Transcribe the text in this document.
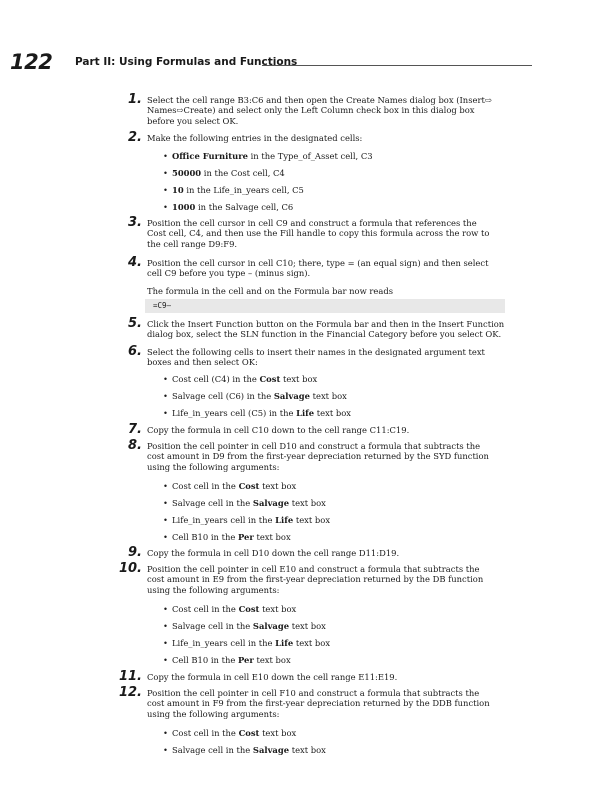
122 Part II: Using Formulas and Functions
1. Select the cell range B3:C6 and then open the Create Names dialog box (Insert⇨
Names⇨Create) and select only the Left Column check box in this dialog box
before you select OK.
2. Make the following entries in the designated cells:
3. Position the cell cursor in cell C9 and construct a formula that references the
Cost cell, C4, and then use the Fill handle to copy this formula across the row to
the cell range D9:F9.
4. Position the cell cursor in cell C10; there, type = (an equal sign) and then select
cell C9 before you type – (minus sign).
5. Click the Insert Function button on the Formula bar and then in the Insert Function
dialog box, select the SLN function in the Financial Category before you select OK.
6. Select the following cells to insert their names in the designated argument text
boxes and then select OK:
7. Copy the formula in cell C10 down to the cell range C11:C19.
8. Position the cell pointer in cell D10 and construct a formula that subtracts the
cost amount in D9 from the first-year depreciation returned by the SYD function
using the following arguments:
9. Copy the formula in cell D10 down the cell range D11:D19.
10. Position the cell pointer in cell E10 and construct a formula that subtracts the
cost amount in E9 from the first-year depreciation returned by the DB function
using the following arguments:
11. Copy the formula in cell E10 down the cell range E11:E19.
12. Position the cell pointer in cell F10 and construct a formula that subtracts the
cost amount in F9 from the first-year depreciation returned by the DDB function
using the following arguments:
• Office Furniture in the Type_of_Asset cell, C3
• 50000 in the Cost cell, C4
• 10 in the Life_in_years cell, C5
• 1000 in the Salvage cell, C6
• Cost cell (C4) in the Cost text box
• Salvage cell (C6) in the Salvage text box
• Life_in_years cell (C5) in the Life text box
• Cost cell in the Cost text box
• Salvage cell in the Salvage text box
• Life_in_years cell in the Life text box
• Cell B10 in the Per text box
• Cost cell in the Cost text box
• Salvage cell in the Salvage text box
• Life_in_years cell in the Life text box
• Cell B10 in the Per text box
• Cost cell in the Cost text box
• Salvage cell in the Salvage text box
The formula in the cell and on the Formula bar now reads
=C9–
